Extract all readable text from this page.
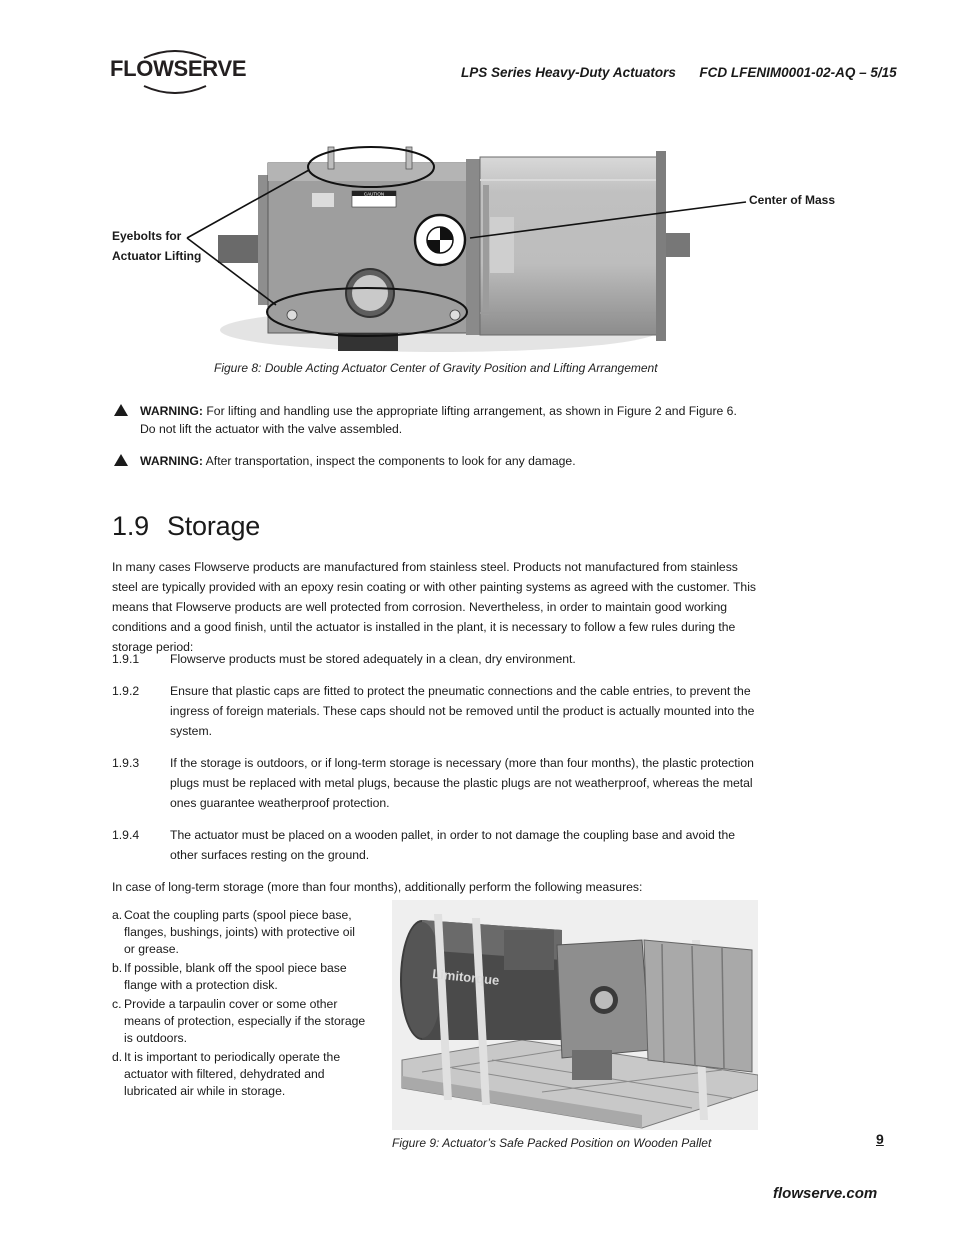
FLOWSERVE	LPS Series Heavy-Duty Actuators FCD LFENIM0001-02-AQ – 5/15
CAUTION
Eyebolts for
Actuator Lifting
Center of Mass
Figure 8: Double Acting Actuator Center of Gravity Position and Lifting Arrangement
WARNING: For lifting and handling use the appropriate lifting arrangement, as shown in Figure 2 and Figure 6.
Do not lift the actuator with the valve assembled.
WARNING: After transportation, inspect the components to look for any damage.
1.9 Storage
In many cases Flowserve products are manufactured from stainless steel. Products not manufactured from stainless steel are typically provided with an epoxy resin coating or with other painting systems as agreed with the customer. This means that Flowserve products are well protected from corrosion. Nevertheless, in order to maintain good working conditions and a good finish, until the actuator is installed in the plant, it is necessary to follow a few rules during the storage period:
1.9.1	Flowserve products must be stored adequately in a clean, dry environment.
1.9.2	Ensure that plastic caps are fitted to protect the pneumatic connections and the cable entries, to prevent the ingress of foreign materials. These caps should not be removed until the product is actually mounted into the system.
1.9.3	If the storage is outdoors, or if long-term storage is necessary (more than four months), the plastic protection plugs must be replaced with metal plugs, because the plastic plugs are not weatherproof, whereas the metal ones guarantee weatherproof protection.
1.9.4	The actuator must be placed on a wooden pallet, in order to not damage the coupling base and avoid the other surfaces resting on the ground.
In case of long-term storage (more than four months), additionally perform the following measures:
a. Coat the coupling parts (spool piece base,
flanges, bushings, joints) with protective oil
or grease.
b. If possible, blank off the spool piece base
flange with a protection disk.
c. Provide a tarpaulin cover or some other
means of protection, especially if the storage
is outdoors.
d. It is important to periodically operate the
actuator with filtered, dehydrated and
lubricated air while in storage.
Limitorque
Figure 9: Actuator’s Safe Packed Position on Wooden Pallet	9
flowserve.com
